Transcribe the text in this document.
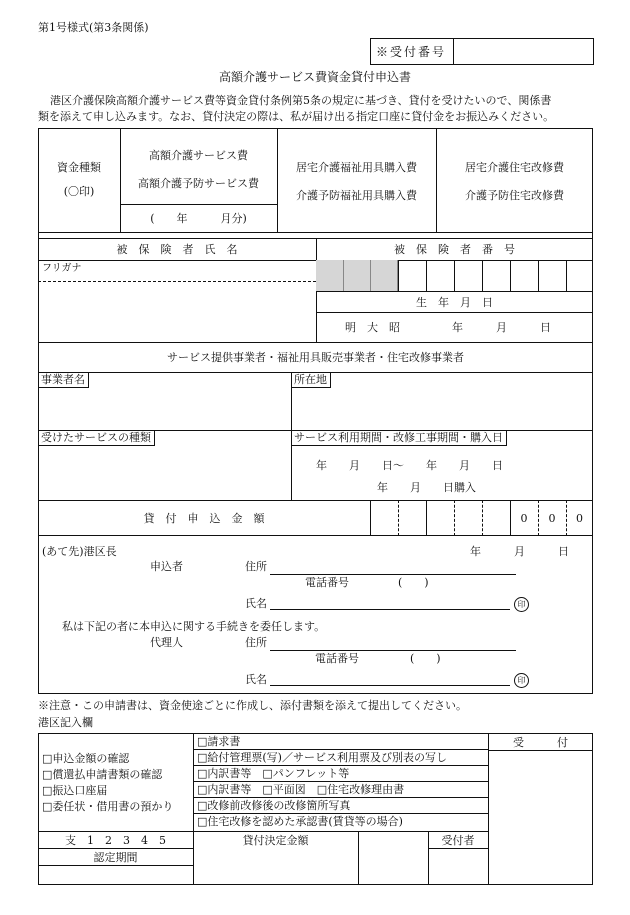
第1号様式(第3条関係)
※受付番号
高額介護サービス費資金貸付申込書
港区介護保険高額介護サービス費等資金貸付条例第5条の規定に基づき、貸付を受けたいので、関係書
類を添えて申し込みます。なお、貸付決定の際は、私が届け出る指定口座に貸付金をお振込みください。
資金種類
(〇印)
高額介護サービス費
高額介護予防サービス費
(　　年　　　月分)
居宅介護福祉用具購入費
介護予防福祉用具購入費
居宅介護住宅改修費
介護予防住宅改修費
被　保　険　者　氏　名	被　保　険　者　番　号
フリガナ
生　年　月　日
明　大　昭	年　　　月　　　日
サービス提供事業者・福祉用具販売事業者・住宅改修事業者
事業者名	所在地
受けたサービスの種類	サービス利用期間・改修工事期間・購入日
年　　月　　日～　　年　　月　　日
年　　月　　日購入
貸　付　申　込　金　額	0	0	0
(あて先)港区長	年　　　月　　　日
申込者	住所
電話番号	(　　)
氏名	印
私は下記の者に本申込に関する手続きを委任します。
代理人	住所
電話番号	(　　)
氏名	印
※注意・この申請書は、資金使途ごとに作成し、添付書類を添えて提出してください。
港区記入欄
受　　　付
□申込金額の確認
□償還払申請書類の確認
□振込口座届
□委任状・借用書の預かり
□請求書
□給付管理票(写)／サービス利用票及び別表の写し
□内訳書等　□パンフレット等
□内訳書等　□平面図　□住宅改修理由書
□改修前改修後の改修箇所写真
□住宅改修を認めた承認書(賃貸等の場合)
支　1　2　3　4　5
認定期間
貸付決定金額	受付者
